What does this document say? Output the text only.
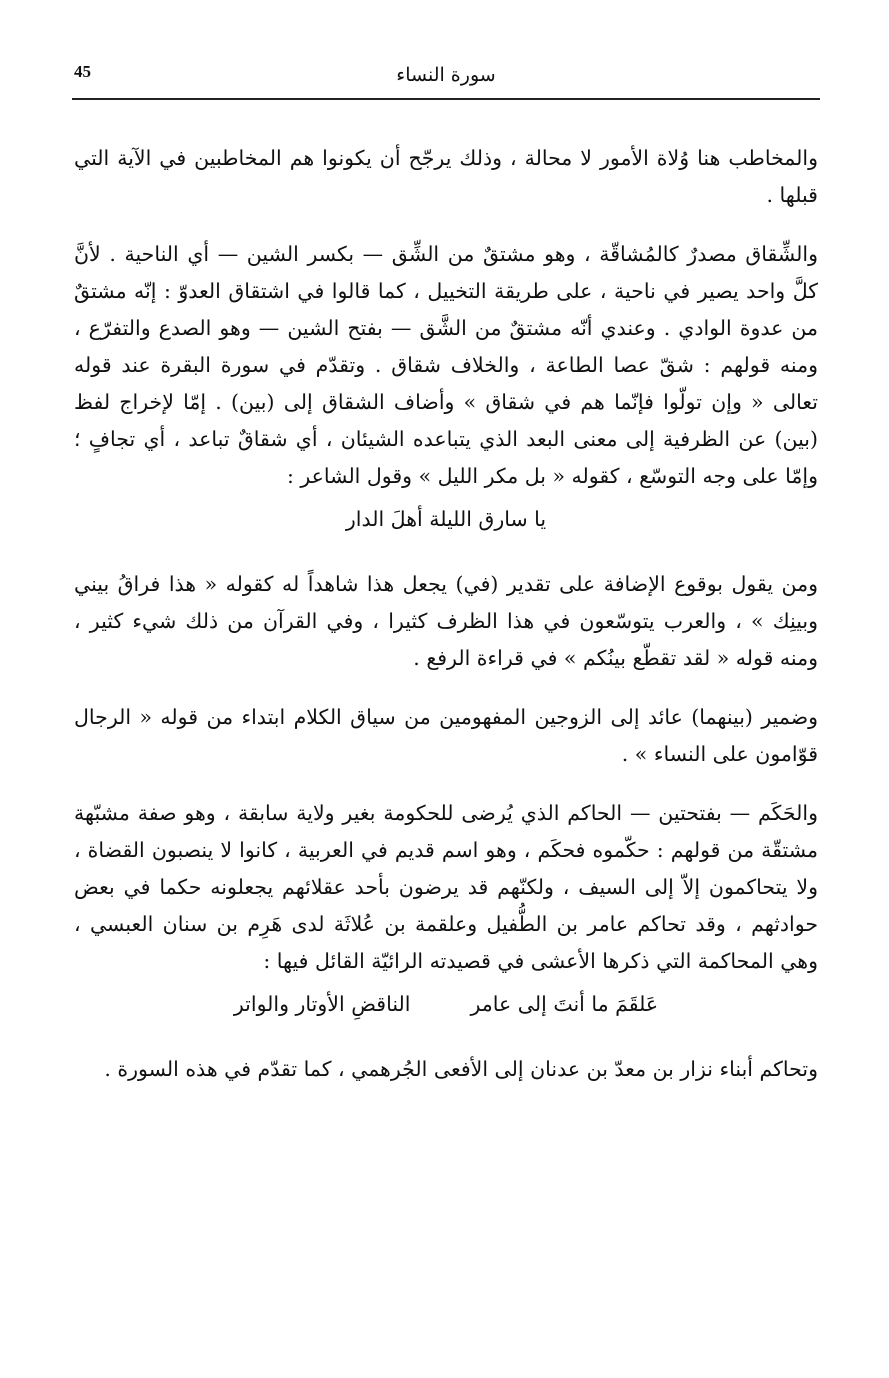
45	سورة النساء

والمخاطب هنا وُلاة الأمور لا محالة ، وذلك يرجّح أن يكونوا هم المخاطبين في الآية التي قبلها .

والشِّقاق مصدرٌ كالمُشاقّة ، وهو مشتقٌ من الشِّق — بكسر الشين — أي الناحية . لأنَّ كلَّ واحد يصير في ناحية ، على طريقة التخييل ، كما قالوا في اشتقاق العدوّ : إنّه مشتقٌ من عدوة الوادي . وعندي أنّه مشتقٌ من الشَّق — بفتح الشين — وهو الصدع والتفرّع ، ومنه قولهم : شقّ عصا الطاعة ، والخلاف شقاق . وتقدّم في سورة البقرة عند قوله تعالى « وإن تولّوا فإنّما هم في شقاق » وأضاف الشقاق إلى (بين) . إمّا لإخراج لفظ (بين) عن الظرفية إلى معنى البعد الذي يتباعده الشيئان ، أي شقاقٌ تباعد ، أي تجافٍ ؛ وإمّا على وجه التوسّع ، كقوله « بل مكر الليل » وقول الشاعر :

يا سارق الليلة أهلَ الدار

ومن يقول بوقوع الإضافة على تقدير (في) يجعل هذا شاهداً له كقوله « هذا فراقُ بيني وبينِك » ، والعرب يتوسّعون في هذا الظرف كثيرا ، وفي القرآن من ذلك شيء كثير ، ومنه قوله « لقد تقطّع بينُكم » في قراءة الرفع .

وضمير (بينهما) عائد إلى الزوجين المفهومين من سياق الكلام ابتداء من قوله « الرجال قوّامون على النساء » .

والحَكَم — بفتحتين — الحاكم الذي يُرضى للحكومة بغير ولاية سابقة ، وهو صفة مشبّهة مشتقّة من قولهم : حكّموه فحكَم ، وهو اسم قديم في العربية ، كانوا لا ينصبون القضاة ، ولا يتحاكمون إلاّ إلى السيف ، ولكنّهم قد يرضون بأحد عقلائهم يجعلونه حكما في بعض حوادثهم ، وقد تحاكم عامر بن الطُّفيل وعلقمة بن عُلاثَة لدى هَرِم بن سنان العبسي ، وهي المحاكمة التي ذكرها الأعشى في قصيدته الرائيّة القائل فيها :

عَلقَمَ ما أنتَ إلى عامر
الناقضِ الأوتار والواتر

وتحاكم أبناء نزار بن معدّ بن عدنان إلى الأفعى الجُرهمي ، كما تقدّم في هذه السورة .
